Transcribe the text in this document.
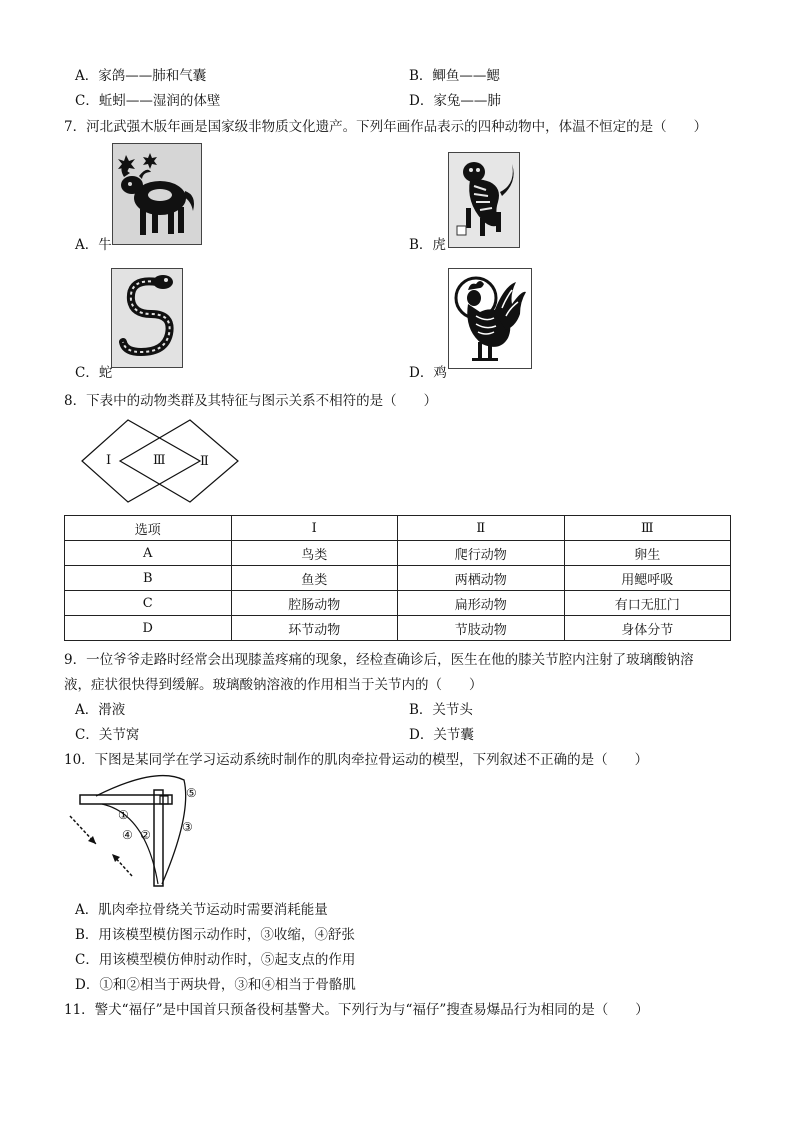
A．家鸽——肺和气囊	B．鲫鱼——鳃
C．蚯蚓——湿润的体壁	D．家兔——肺
7．河北武强木版年画是国家级非物质文化遗产。下列年画作品表示的四种动物中，体温不恒定的是（　　）
A．牛	B．虎
C．蛇	D．鸡
8．下表中的动物类群及其特征与图示关系不相符的是（　　）
Ⅰ	Ⅲ	Ⅱ
选项	Ⅰ	Ⅱ	Ⅲ
A	鸟类	爬行动物	卵生
B	鱼类	两栖动物	用鳃呼吸
C	腔肠动物	扁形动物	有口无肛门
D	环节动物	节肢动物	身体分节
9．一位爷爷走路时经常会出现膝盖疼痛的现象，经检查确诊后，医生在他的膝关节腔内注射了玻璃酸钠溶
液，症状很快得到缓解。玻璃酸钠溶液的作用相当于关节内的（　　）
A．滑液	B．关节头
C．关节窝	D．关节囊
10．下图是某同学在学习运动系统时制作的肌肉牵拉骨运动的模型，下列叙述不正确的是（　　）
①
②
③
④
⑤
A．肌肉牵拉骨绕关节运动时需要消耗能量
B．用该模型模仿图示动作时，③收缩，④舒张
C．用该模型模仿伸肘动作时，⑤起支点的作用
D．①和②相当于两块骨，③和④相当于骨骼肌
11．警犬“福仔”是中国首只预备役柯基警犬。下列行为与“福仔”搜查易爆品行为相同的是（　　）
